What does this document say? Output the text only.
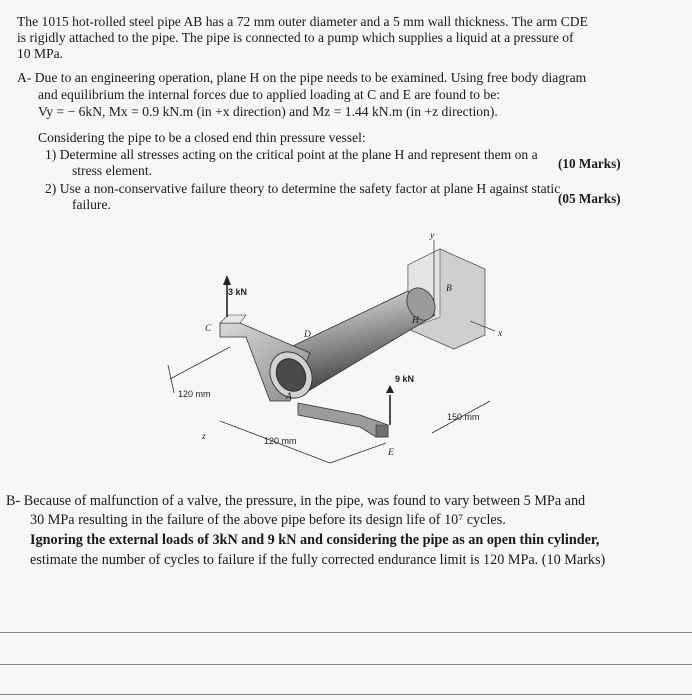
The 1015 hot-rolled steel pipe AB has a 72 mm outer diameter and a 5 mm wall thickness. The arm CDE
is rigidly attached to the pipe. The pipe is connected to a pump which supplies a liquid at a pressure of
10 MPa.
A- Due to an engineering operation, plane H on the pipe needs to be examined. Using free body diagram
and equilibrium the internal forces due to applied loading at C and E are found to be:
Vy = − 6kN, Mx = 0.9 kN.m (in +x direction) and Mz = 1.44 kN.m (in +z direction).
Considering the pipe to be a closed end thin pressure vessel:
1) Determine all stresses acting on the critical point at the plane H and represent them on a
stress element.	(10 Marks)
2) Use a non-conservative failure theory to determine the safety factor at plane H against static
failure.	(05 Marks)
y
x
z
3 kN
9 kN
120 mm
120 mm
150 mm
A
B
C
D
E
H
B- Because of malfunction of a valve, the pressure, in the pipe, was found to vary between 5 MPa and
30 MPa resulting in the failure of the above pipe before its design life of 10⁷ cycles.
Ignoring the external loads of 3kN and 9 kN and considering the pipe as an open thin cylinder,
estimate the number of cycles to failure if the fully corrected endurance limit is 120 MPa. (10 Marks)
